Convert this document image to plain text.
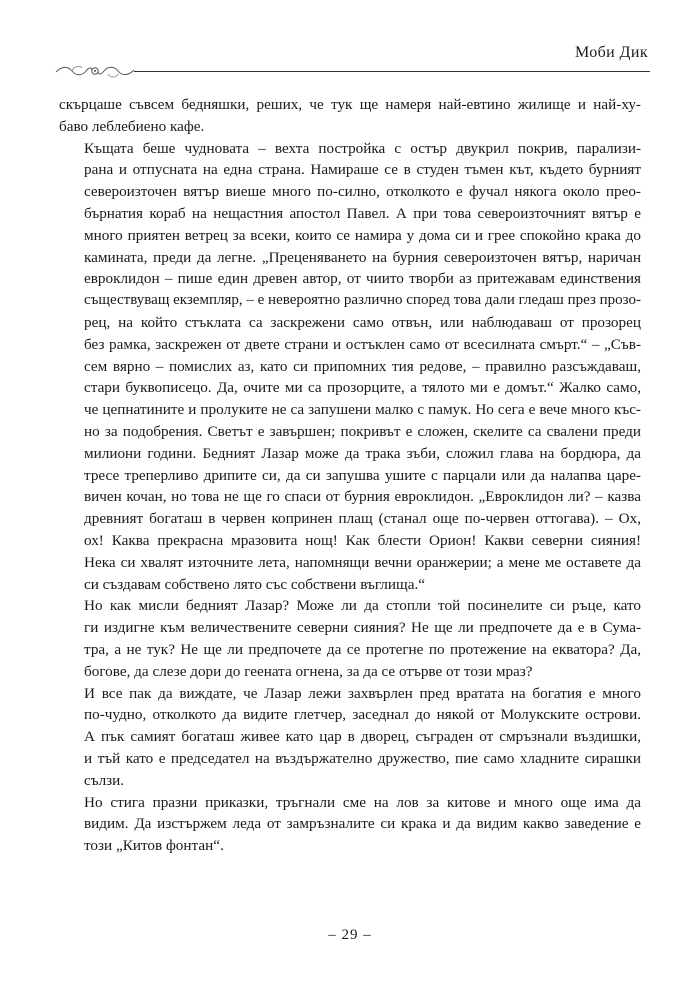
Моби Дик

скърцаше съвсем бедняшки, реших, че тук ще намеря най-евтино жилище и най-ху-
баво леблебиено кафе.

Къщата беше чудновата – вехта постройка с остър двукрил покрив, парализи-
рана и отпусната на една страна. Намираше се в студен тъмен кът, където бурният
североизточен вятър виеше много по-силно, отколкото е фучал някога около прео-
бърнатия кораб на нещастния апостол Павел. А при това североизточният вятър е
много приятен ветрец за всеки, които се намира у дома си и грее спокойно крака до
камината, преди да легне. „Преценяването на бурния североизточен вятър, наричан
евроклидон – пише един древен автор, от чиито творби аз притежавам единствения
съществуващ екземпляр, – е невероятно различно според това дали гледаш през прозо-
рец, на който стъклата са заскрежени само отвън, или наблюдаваш от прозорец
без рамка, заскрежен от двете страни и остъклен само от всесилната смърт.“ – „Съв-
сем вярно – помислих аз, като си припомних тия редове, – правилно разсъждаваш,
стари буквописецо. Да, очите ми са прозорците, а тялото ми е домът.“ Жалко само,
че цепнатините и пролуките не са запушени малко с памук. Но сега е вече много къс-
но за подобрения. Светът е завършен; покривът е сложен, скелите са свалени преди
милиони години. Бедният Лазар може да трака зъби, сложил глава на бордюра, да
тресе треперливо дрипите си, да си запушва ушите с парцали или да налапва царе-
вичен кочан, но това не ще го спаси от бурния евроклидон. „Евроклидон ли? – казва
древният богаташ в червен копринен плащ (станал още по-червен оттогава). – Ох,
ох! Каква прекрасна мразовита нощ! Как блести Орион! Какви северни сияния!
Нека си хвалят източните лета, напомнящи вечни оранжерии; а мене ме оставете да
си създавам собствено лято със собствени въглища.“

Но как мисли бедният Лазар? Може ли да стопли той посинелите си ръце, като
ги издигне към величествените северни сияния? Не ще ли предпочете да е в Сума-
тра, а не тук? Не ще ли предпочете да се протегне по протежение на екватора? Да,
богове, да слезе дори до геената огнена, за да се отърве от този мраз?

И все пак да виждате, че Лазар лежи захвърлен пред вратата на богатия е много
по-чудно, отколкото да видите глетчер, заседнал до някой от Молукските острови.
А пък самият богаташ живее като цар в дворец, съграден от смръзнали въздишки,
и тъй като е председател на въздържателно дружество, пие само хладните сирашки
сълзи.

Но стига празни приказки, тръгнали сме на лов за китове и много още има да
видим. Да изстържем леда от замръзналите си крака и да видим какво заведение е
този „Китов фонтан“.

– 29 –
